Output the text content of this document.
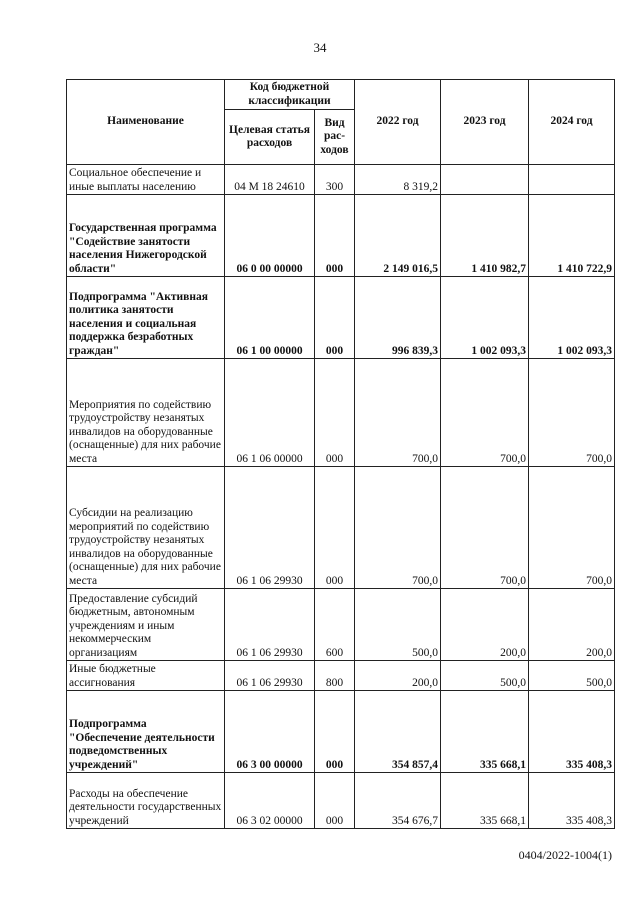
34
Наименование	Код бюджетной классификации		2022 год	2023 год	2024 год
	Целевая статья расходов	Вид рас-ходов			
Социальное обеспечение и иные выплаты населению	04 М 18 24610	300	8 319,2		
Государственная программа "Содействие занятости населения Нижегородской области"	06 0 00 00000	000	2 149 016,5	1 410 982,7	1 410 722,9
Подпрограмма "Активная политика занятости населения и социальная поддержка безработных граждан"	06 1 00 00000	000	996 839,3	1 002 093,3	1 002 093,3
Мероприятия по содействию трудоустройству незанятых инвалидов на оборудованные (оснащенные) для них рабочие места	06 1 06 00000	000	700,0	700,0	700,0
Субсидии на реализацию мероприятий по содействию трудоустройству незанятых инвалидов на оборудованные (оснащенные) для них рабочие места	06 1 06 29930	000	700,0	700,0	700,0
Предоставление субсидий бюджетным, автономным учреждениям и иным некоммерческим организациям	06 1 06 29930	600	500,0	200,0	200,0
Иные бюджетные ассигнования	06 1 06 29930	800	200,0	500,0	500,0
Подпрограмма "Обеспечение деятельности подведомственных учреждений"	06 3 00 00000	000	354 857,4	335 668,1	335 408,3
Расходы на обеспечение деятельности государственных учреждений	06 3 02 00000	000	354 676,7	335 668,1	335 408,3
0404/2022-1004(1)
